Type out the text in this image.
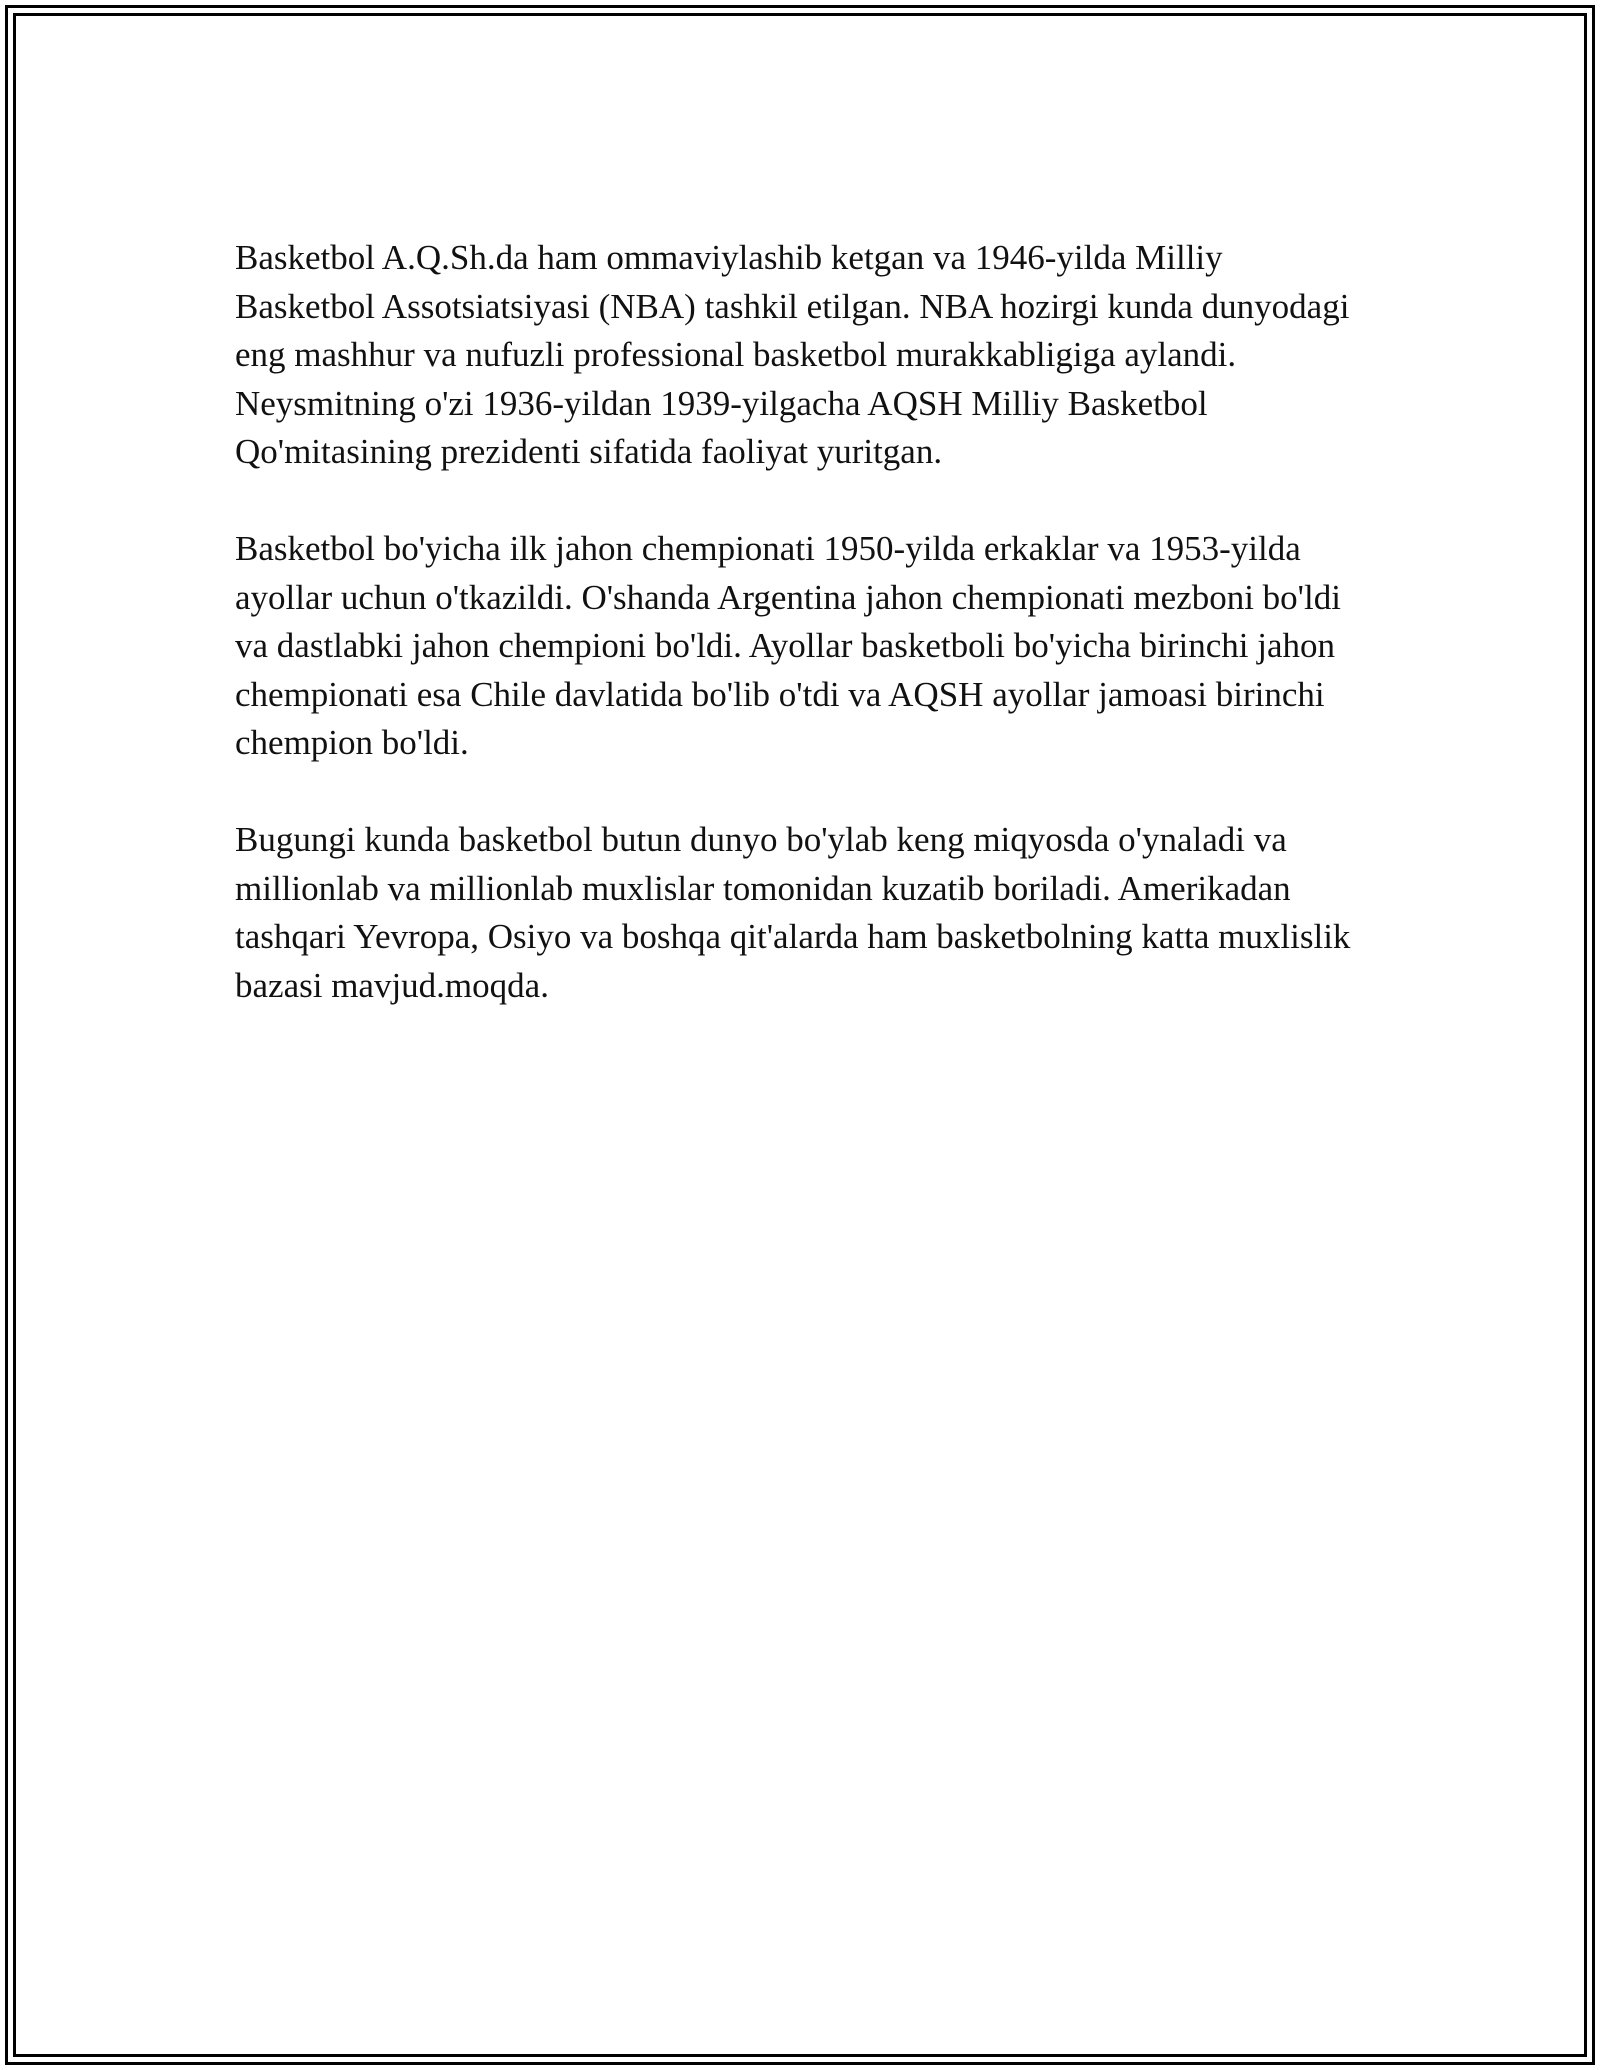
Basketbol A.Q.Sh.da ham ommaviylashib ketgan va 1946-yilda Milliy Basketbol Assotsiatsiyasi (NBA) tashkil etilgan. NBA hozirgi kunda dunyodagi eng mashhur va nufuzli professional basketbol murakkabligiga aylandi. Neysmitning o'zi 1936-yildan 1939-yilgacha AQSH Milliy Basketbol Qo'mitasining prezidenti sifatida faoliyat yuritgan.

Basketbol bo'yicha ilk jahon chempionati 1950-yilda erkaklar va 1953-yilda ayollar uchun o'tkazildi. O'shanda Argentina jahon chempionati mezboni bo'ldi va dastlabki jahon chempioni bo'ldi. Ayollar basketboli bo'yicha birinchi jahon chempionati esa Chile davlatida bo'lib o'tdi va AQSH ayollar jamoasi birinchi chempion bo'ldi.

Bugungi kunda basketbol butun dunyo bo'ylab keng miqyosda o'ynaladi va millionlab va millionlab muxlislar tomonidan kuzatib boriladi. Amerikadan tashqari Yevropa, Osiyo va boshqa qit'alarda ham basketbolning katta muxlislik bazasi mavjud.moqda.
